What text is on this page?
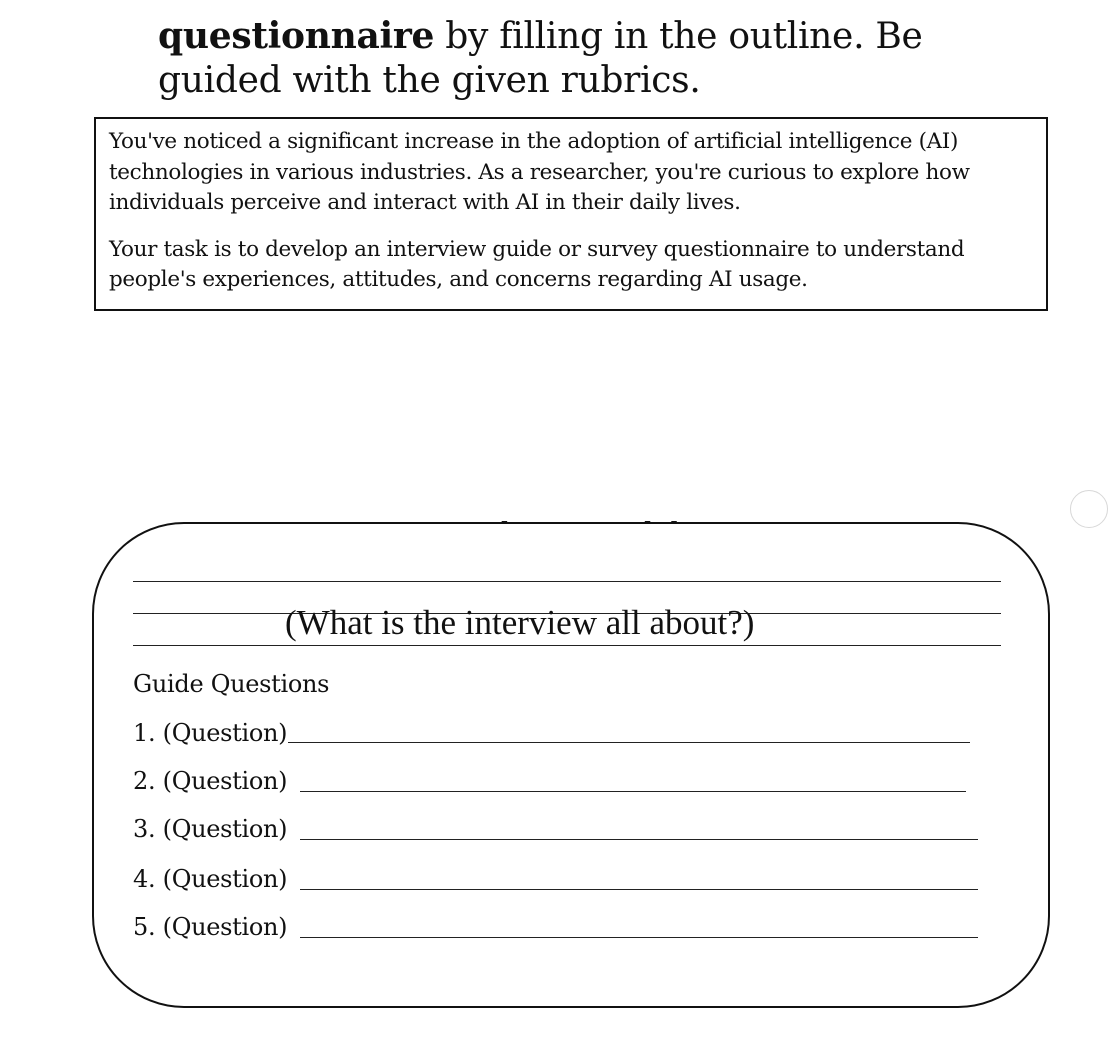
questionnaire by filling in the outline. Be
guided with the given rubrics.

You've noticed a significant increase in the adoption of artificial intelligence (AI) technologies in various industries. As a researcher, you're curious to explore how individuals perceive and interact with AI in their daily lives.

Your task is to develop an interview guide or survey questionnaire to understand people's experiences, attitudes, and concerns regarding AI usage.

(What is the interview all about?)
Guide Questions
1. (Question)
2. (Question)
3. (Question)
4. (Question)
5. (Question)
